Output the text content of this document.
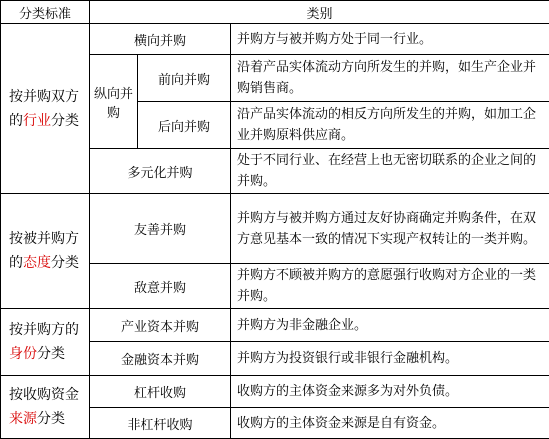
分类标准	类别		
按并购双方的行业分类	横向并购		并购方与被并购方处于同一行业。
	纵向并购	前向并购	沿着产品实体流动方向所发生的并购，如生产企业并购销售商。
		后向并购	沿产品实体流动的相反方向所发生的并购，如加工企业并购原料供应商。
	多元化并购		处于不同行业、在经营上也无密切联系的企业之间的并购。
按被并购方的态度分类	友善并购		并购方与被并购方通过友好协商确定并购条件，在双方意见基本一致的情况下实现产权转让的一类并购。
	敌意并购		并购方不顾被并购方的意愿强行收购对方企业的一类并购。
按并购方的身份分类	产业资本并购		并购方为非金融企业。
	金融资本并购		并购方为投资银行或非银行金融机构。
按收购资金来源分类	杠杆收购		收购方的主体资金来源多为对外负债。
	非杠杆收购		收购方的主体资金来源是自有资金。
